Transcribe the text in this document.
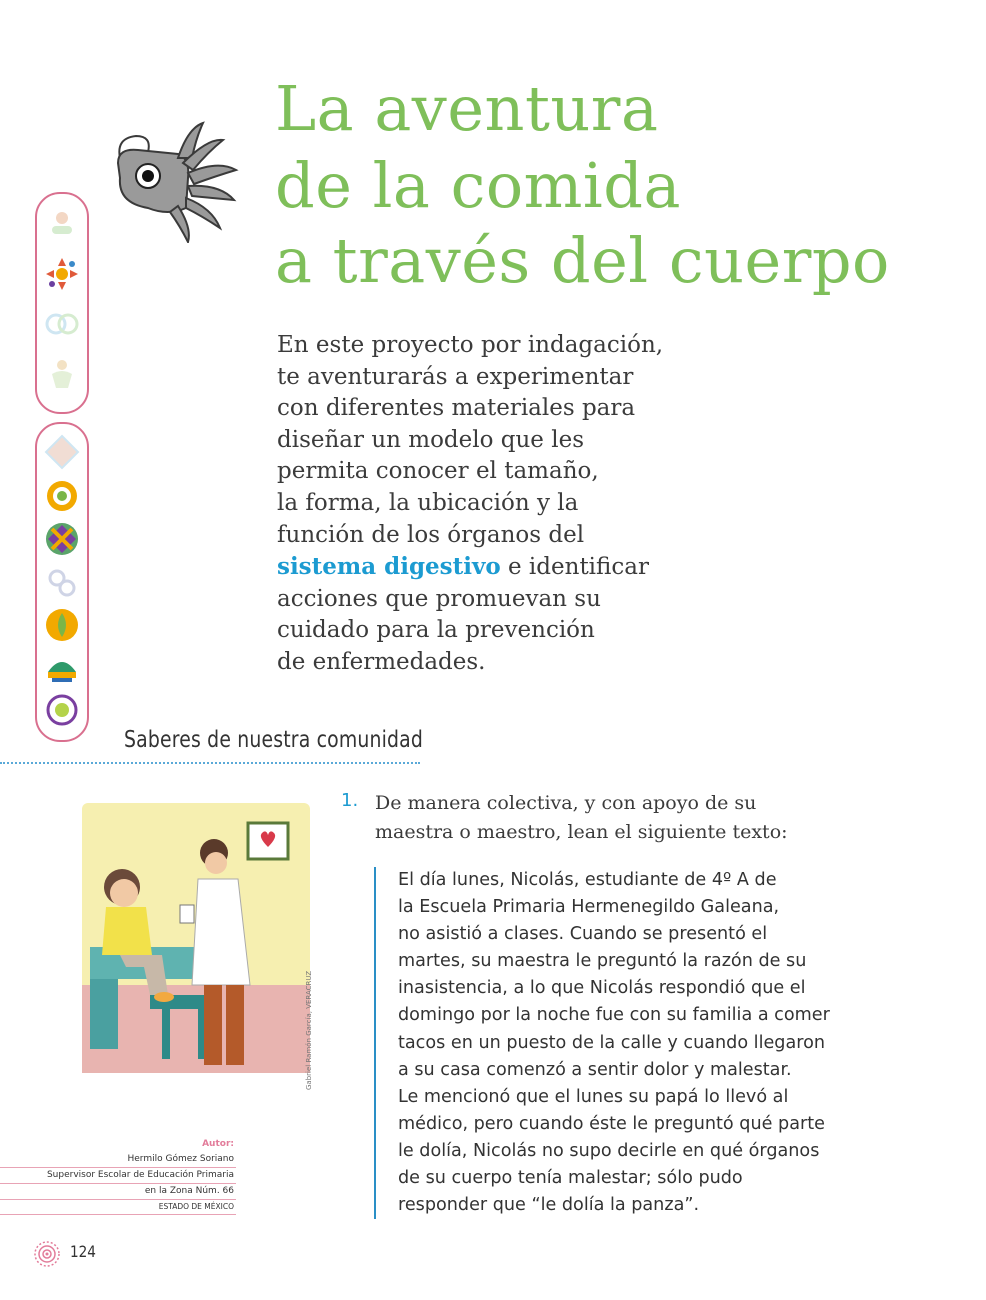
La aventura
de la comida
a través del cuerpo
En este proyecto por indagación,
te aventurarás a experimentar
con diferentes materiales para
diseñar un modelo que les
permita conocer el tamaño,
la forma, la ubicación y la
función de los órganos del
sistema digestivo e identificar
acciones que promuevan su
cuidado para la prevención
de enfermedades.
Saberes de nuestra comunidad
Gabriel Ramón García, VERACRUZ
Autor:
Hermilo Gómez Soriano
Supervisor Escolar de Educación Primaria
en la Zona Núm. 66
ESTADO DE MÉXICO
1. De manera colectiva, y con apoyo de su
maestra o maestro, lean el siguiente texto:
El día lunes, Nicolás, estudiante de 4º A de
la Escuela Primaria Hermenegildo Galeana,
no asistió a clases. Cuando se presentó el
martes, su maestra le preguntó la razón de su
inasistencia, a lo que Nicolás respondió que el
domingo por la noche fue con su familia a comer
tacos en un puesto de la calle y cuando llegaron
a su casa comenzó a sentir dolor y malestar.
Le mencionó que el lunes su papá lo llevó al
médico, pero cuando éste le preguntó qué parte
le dolía, Nicolás no supo decirle en qué órganos
de su cuerpo tenía malestar; sólo pudo
responder que “le dolía la panza”.
124
